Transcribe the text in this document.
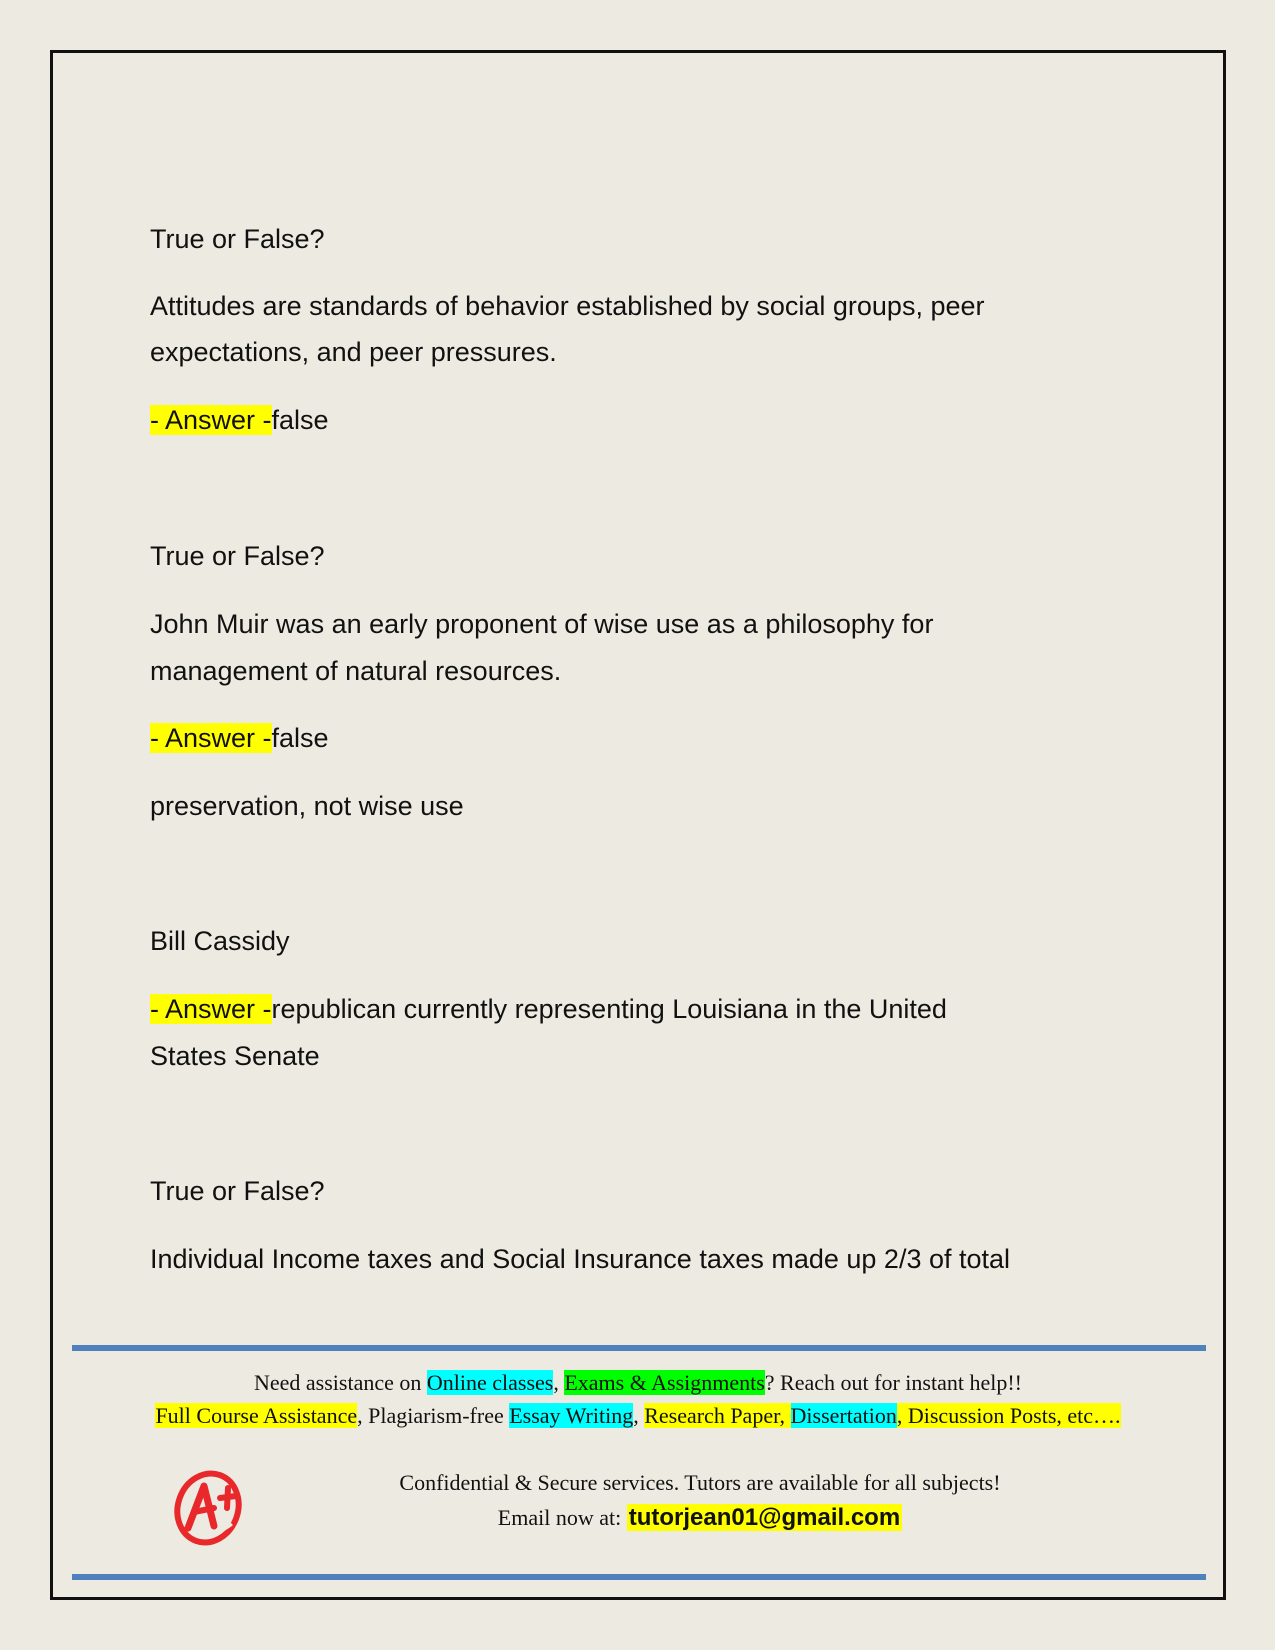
True or False?
Attitudes are standards of behavior established by social groups, peer
expectations, and peer pressures.
- Answer -false
True or False?
John Muir was an early proponent of wise use as a philosophy for
management of natural resources.
- Answer -false
preservation, not wise use
Bill Cassidy
- Answer -republican currently representing Louisiana in the United
States Senate
True or False?
Individual Income taxes and Social Insurance taxes made up 2/3 of total
Need assistance on Online classes, Exams & Assignments? Reach out for instant help!!
Full Course Assistance, Plagiarism-free Essay Writing, Research Paper, Dissertation, Discussion Posts, etc….
Confidential & Secure services. Tutors are available for all subjects!
Email now at: tutorjean01@gmail.com
